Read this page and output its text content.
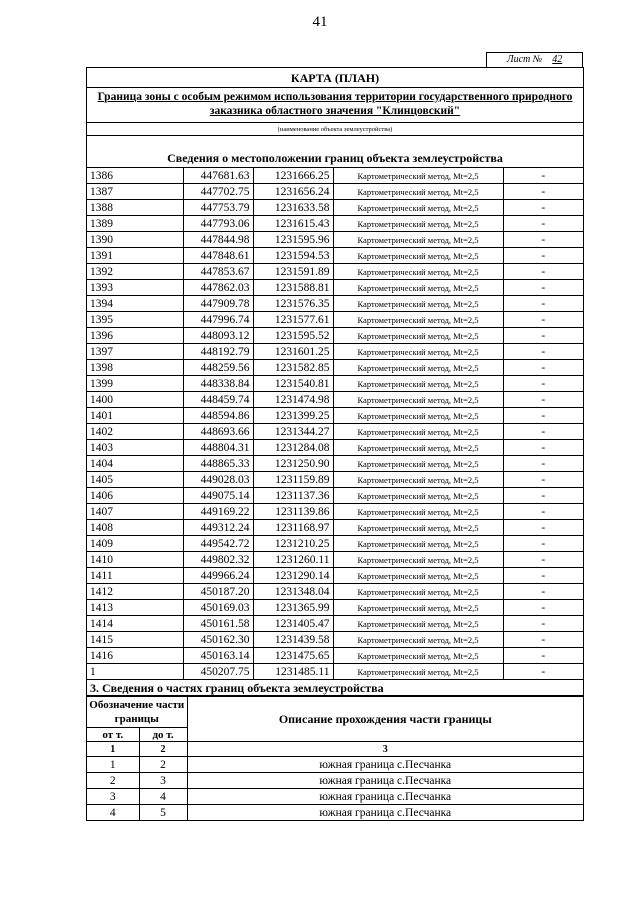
41
Лист № 42
КАРТА (ПЛАН)
Граница зоны с особым режимом использования территории государственного природного заказника областного значения "Клинцовский"
(наименование объекта землеустройства)
Сведения о местоположении границ объекта землеустройства
1386	447681.63	1231666.25	Картометрический метод, Mt=2,5	-
1387	447702.75	1231656.24	Картометрический метод, Mt=2,5	-
1388	447753.79	1231633.58	Картометрический метод, Mt=2,5	-
1389	447793.06	1231615.43	Картометрический метод, Mt=2,5	-
1390	447844.98	1231595.96	Картометрический метод, Mt=2,5	-
1391	447848.61	1231594.53	Картометрический метод, Mt=2,5	-
1392	447853.67	1231591.89	Картометрический метод, Mt=2,5	-
1393	447862.03	1231588.81	Картометрический метод, Mt=2,5	-
1394	447909.78	1231576.35	Картометрический метод, Mt=2,5	-
1395	447996.74	1231577.61	Картометрический метод, Mt=2,5	-
1396	448093.12	1231595.52	Картометрический метод, Mt=2,5	-
1397	448192.79	1231601.25	Картометрический метод, Mt=2,5	-
1398	448259.56	1231582.85	Картометрический метод, Mt=2,5	-
1399	448338.84	1231540.81	Картометрический метод, Mt=2,5	-
1400	448459.74	1231474.98	Картометрический метод, Mt=2,5	-
1401	448594.86	1231399.25	Картометрический метод, Mt=2,5	-
1402	448693.66	1231344.27	Картометрический метод, Mt=2,5	-
1403	448804.31	1231284.08	Картометрический метод, Mt=2,5	-
1404	448865.33	1231250.90	Картометрический метод, Mt=2,5	-
1405	449028.03	1231159.89	Картометрический метод, Mt=2,5	-
1406	449075.14	1231137.36	Картометрический метод, Mt=2,5	-
1407	449169.22	1231139.86	Картометрический метод, Mt=2,5	-
1408	449312.24	1231168.97	Картометрический метод, Mt=2,5	-
1409	449542.72	1231210.25	Картометрический метод, Mt=2,5	-
1410	449802.32	1231260.11	Картометрический метод, Mt=2,5	-
1411	449966.24	1231290.14	Картометрический метод, Mt=2,5	-
1412	450187.20	1231348.04	Картометрический метод, Mt=2,5	-
1413	450169.03	1231365.99	Картометрический метод, Mt=2,5	-
1414	450161.58	1231405.47	Картометрический метод, Mt=2,5	-
1415	450162.30	1231439.58	Картометрический метод, Mt=2,5	-
1416	450163.14	1231475.65	Картометрический метод, Mt=2,5	-
1	450207.75	1231485.11	Картометрический метод, Mt=2,5	-
3. Сведения о частях границ объекта землеустройства
Обозначение части границы		Описание прохождения части границы
от т.	до т.	
1	2	3
1	2	южная граница с.Песчанка
2	3	южная граница с.Песчанка
3	4	южная граница с.Песчанка
4	5	южная граница с.Песчанка
